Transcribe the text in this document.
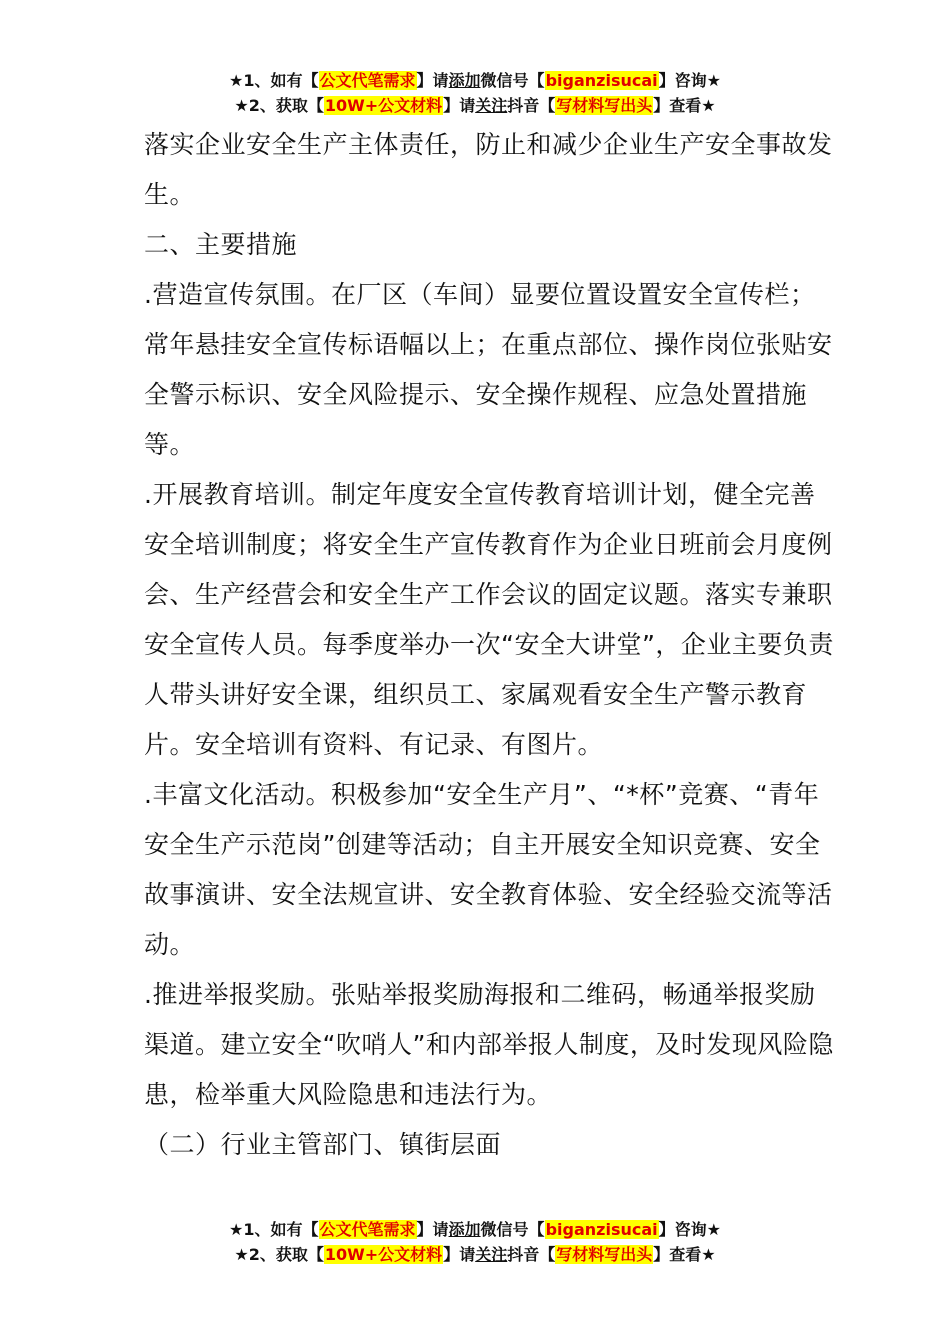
★1、如有【公文代笔需求】请添加微信号【biganzisucai】咨询★
★2、获取【10W+公文材料】请关注抖音【写材料写出头】查看★

落实企业安全生产主体责任，防止和减少企业生产安全事故发生。

二、主要措施

.营造宣传氛围。在厂区（车间）显要位置设置安全宣传栏；常年悬挂安全宣传标语幅以上；在重点部位、操作岗位张贴安全警示标识、安全风险提示、安全操作规程、应急处置措施等。

.开展教育培训。制定年度安全宣传教育培训计划，健全完善安全培训制度；将安全生产宣传教育作为企业日班前会月度例会、生产经营会和安全生产工作会议的固定议题。落实专兼职安全宣传人员。每季度举办一次“安全大讲堂”，企业主要负责人带头讲好安全课，组织员工、家属观看安全生产警示教育片。安全培训有资料、有记录、有图片。

.丰富文化活动。积极参加“安全生产月”、“*杯”竞赛、“青年安全生产示范岗”创建等活动；自主开展安全知识竞赛、安全故事演讲、安全法规宣讲、安全教育体验、安全经验交流等活动。

.推进举报奖励。张贴举报奖励海报和二维码，畅通举报奖励渠道。建立安全“吹哨人”和内部举报人制度，及时发现风险隐患，检举重大风险隐患和违法行为。

（二）行业主管部门、镇街层面

★1、如有【公文代笔需求】请添加微信号【biganzisucai】咨询★
★2、获取【10W+公文材料】请关注抖音【写材料写出头】查看★
